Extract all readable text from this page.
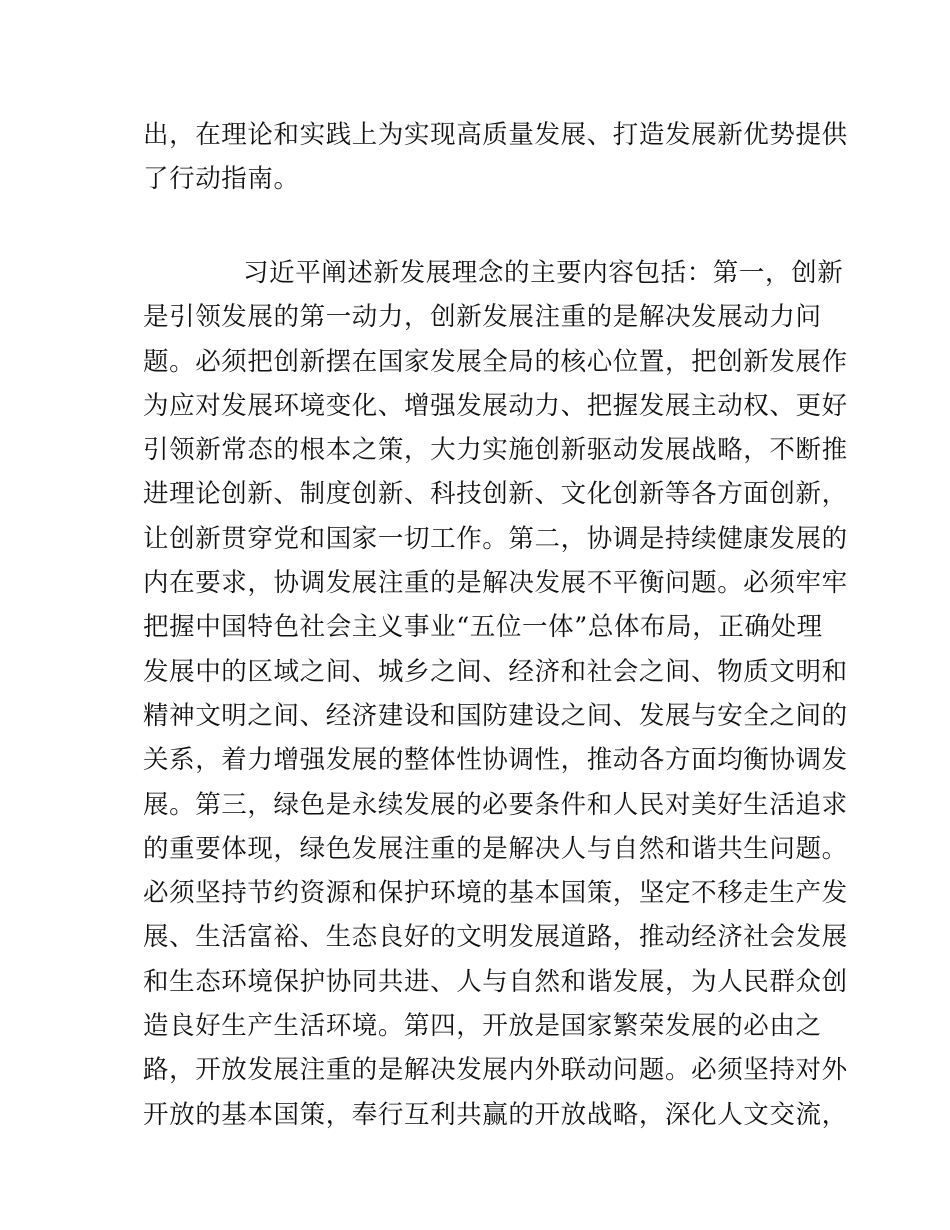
出，在理论和实践上为实现高质量发展、打造发展新优势提供
了行动指南。
习近平阐述新发展理念的主要内容包括：第一，创新
是引领发展的第一动力，创新发展注重的是解决发展动力问
题。必须把创新摆在国家发展全局的核心位置，把创新发展作
为应对发展环境变化、增强发展动力、把握发展主动权、更好
引领新常态的根本之策，大力实施创新驱动发展战略，不断推
进理论创新、制度创新、科技创新、文化创新等各方面创新，
让创新贯穿党和国家一切工作。第二，协调是持续健康发展的
内在要求，协调发展注重的是解决发展不平衡问题。必须牢牢
把握中国特色社会主义事业“五位一体”总体布局，正确处理
发展中的区域之间、城乡之间、经济和社会之间、物质文明和
精神文明之间、经济建设和国防建设之间、发展与安全之间的
关系，着力增强发展的整体性协调性，推动各方面均衡协调发
展。第三，绿色是永续发展的必要条件和人民对美好生活追求
的重要体现，绿色发展注重的是解决人与自然和谐共生问题。
必须坚持节约资源和保护环境的基本国策，坚定不移走生产发
展、生活富裕、生态良好的文明发展道路，推动经济社会发展
和生态环境保护协同共进、人与自然和谐发展，为人民群众创
造良好生产生活环境。第四，开放是国家繁荣发展的必由之
路，开放发展注重的是解决发展内外联动问题。必须坚持对外
开放的基本国策，奉行互利共赢的开放战略，深化人文交流，
